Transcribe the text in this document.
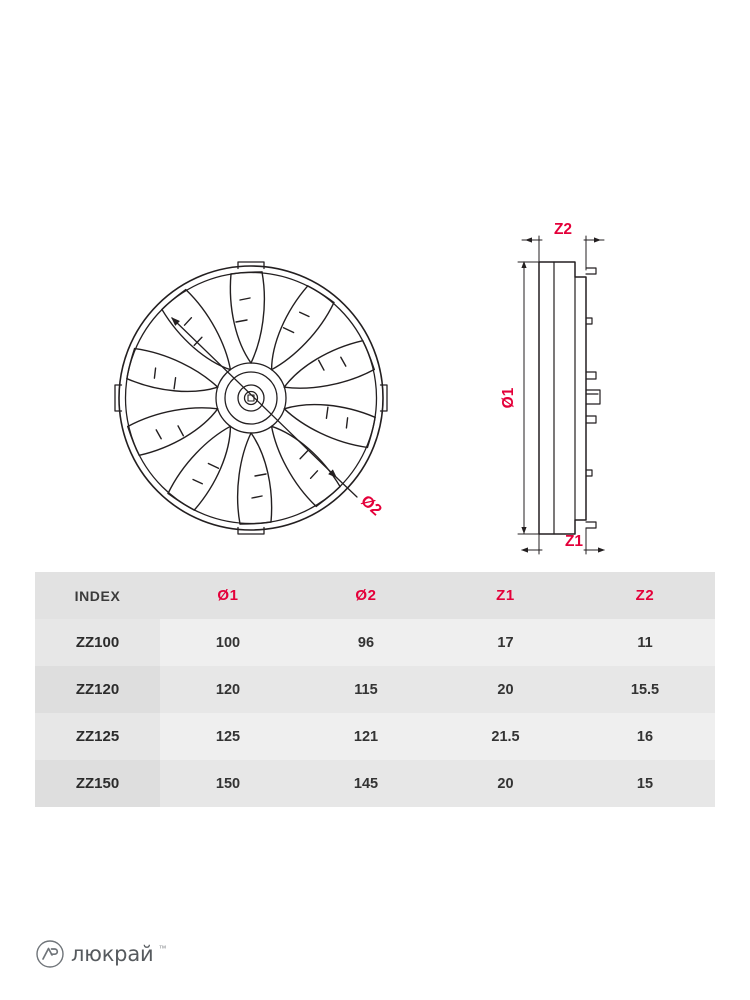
Ø2
Z2
Z1
Ø1
INDEX	Ø1	Ø2	Z1	Z2
ZZ100	100	96	17	11
ZZ120	120	115	20	15.5
ZZ125	125	121	21.5	16
ZZ150	150	145	20	15
люкрай ™
